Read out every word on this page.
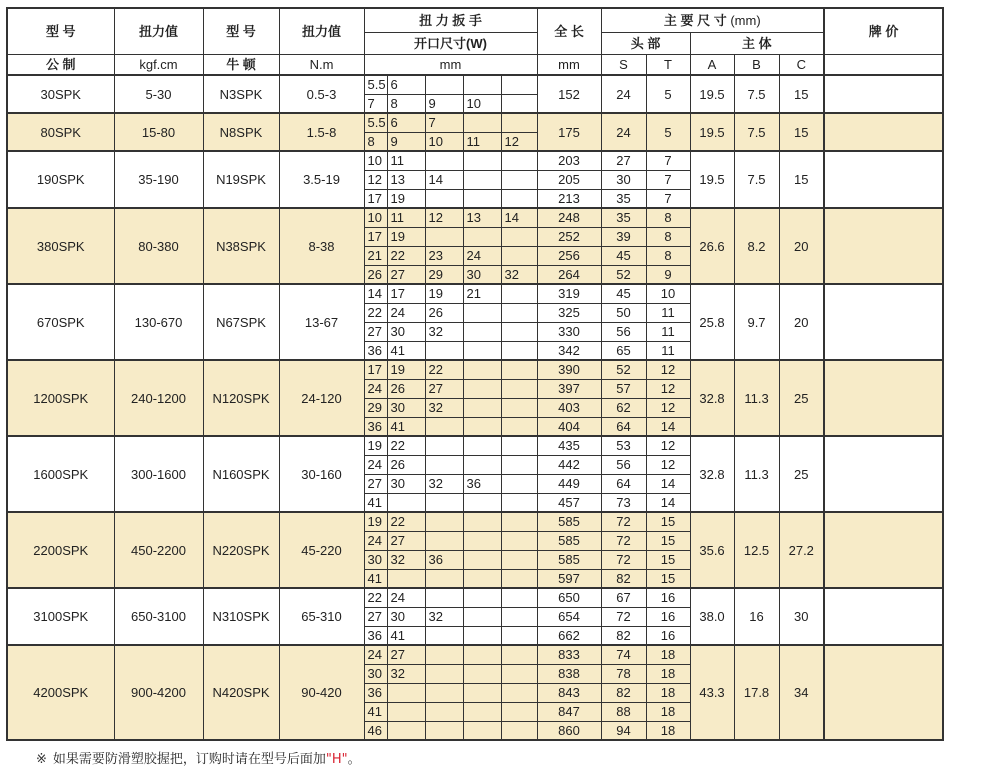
型 号	扭力值	型 号	扭力值	扭 力 扳 手					全 长	主 要 尺 寸 (mm)					牌 价
				开口尺寸(W)						头 部		主 体			
公 制	kgf.cm	牛 顿	N.m	mm					mm	S	T	A	B	C	
30SPK	5-30	N3SPK	0.5-3	5.5	6				152	24	5	19.5	7.5	15	
				7	8	9	10								
80SPK	15-80	N8SPK	1.5-8	5.5	6	7			175	24	5	19.5	7.5	15	
				8	9	10	11	12							
190SPK	35-190	N19SPK	3.5-19	10	11				203	27	7	19.5	7.5	15	
				12	13	14			205	30	7				
				17	19				213	35	7				
380SPK	80-380	N38SPK	8-38	10	11	12	13	14	248	35	8	26.6	8.2	20	
				17	19				252	39	8				
				21	22	23	24		256	45	8				
				26	27	29	30	32	264	52	9				
670SPK	130-670	N67SPK	13-67	14	17	19	21		319	45	10	25.8	9.7	20	
				22	24	26			325	50	11				
				27	30	32			330	56	11				
				36	41				342	65	11				
1200SPK	240-1200	N120SPK	24-120	17	19	22			390	52	12	32.8	11.3	25	
				24	26	27			397	57	12				
				29	30	32			403	62	12				
				36	41				404	64	14				
1600SPK	300-1600	N160SPK	30-160	19	22				435	53	12	32.8	11.3	25	
				24	26				442	56	12				
				27	30	32	36		449	64	14				
				41					457	73	14				
2200SPK	450-2200	N220SPK	45-220	19	22				585	72	15	35.6	12.5	27.2	
				24	27				585	72	15				
				30	32	36			585	72	15				
				41					597	82	15				
3100SPK	650-3100	N310SPK	65-310	22	24				650	67	16	38.0	16	30	
				27	30	32			654	72	16				
				36	41				662	82	16				
4200SPK	900-4200	N420SPK	90-420	24	27				833	74	18	43.3	17.8	34	
				30	32				838	78	18				
				36					843	82	18				
				41					847	88	18				
				46					860	94	18				
※ 如果需要防滑塑胶握把，订购时请在型号后面加"H"。
